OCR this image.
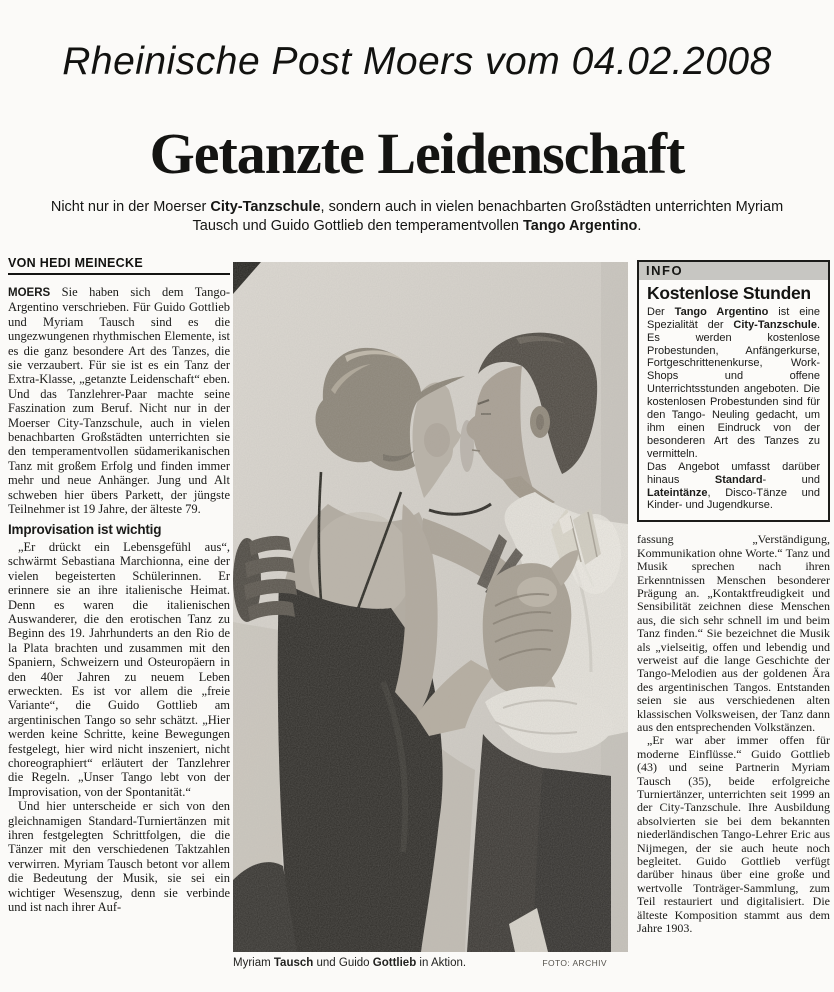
Rheinische Post Moers vom 04.02.2008
Getanzte Leidenschaft
Nicht nur in der Moerser City-Tanzschule, sondern auch in vielen benachbarten Großstädten unterrichten Myriam
Tausch und Guido Gottlieb den temperamentvollen Tango Argentino.
VON HEDI MEINECKE

MOERS Sie haben sich dem Tango-Argentino verschrieben. Für Guido Gottlieb und Myriam Tausch sind es die ungezwungenen rhythmischen Elemente, ist es die ganz besondere Art des Tanzes, die sie verzaubert. Für sie ist es ein Tanz der Extra-Klasse, „getanzte Leidenschaft“ eben. Und das Tanzlehrer-Paar machte seine Faszination zum Beruf. Nicht nur in der Moerser City-Tanzschule, auch in vielen benachbarten Großstädten unterrichten sie den temperamentvollen südamerikanischen Tanz mit großem Erfolg und finden immer mehr und neue Anhänger. Jung und Alt schweben hier übers Parkett, der jüngste Teilnehmer ist 19 Jahre, der älteste 79.

Improvisation ist wichtig

„Er drückt ein Lebensgefühl aus“, schwärmt Sebastiana Marchionna, eine der vielen begeisterten Schülerinnen. Er erinnere sie an ihre italienische Heimat. Denn es waren die italienischen Auswanderer, die den erotischen Tanz zu Beginn des 19. Jahrhunderts an den Rio de la Plata brachten und zusammen mit den Spaniern, Schweizern und Osteuropäern in den 40er Jahren zu neuem Leben erweckten. Es ist vor allem die „freie Variante“, die Guido Gottlieb am argentinischen Tango so sehr schätzt. „Hier werden keine Schritte, keine Bewegungen festgelegt, hier wird nicht inszeniert, nicht choreographiert“ erläutert der Tanzlehrer die Regeln. „Unser Tango lebt von der Improvisation, von der Spontanität.“

Und hier unterscheide er sich von den gleichnamigen Standard-Turniertänzen mit ihren festgelegten Schrittfolgen, die die Tänzer mit den verschiedenen Taktzahlen verwirren. Myriam Tausch betont vor allem die Bedeutung der Musik, sie sei ein wichtiger Wesenszug, denn sie verbinde und ist nach ihrer Auf-

Myriam Tausch und Guido Gottlieb in Aktion.	FOTO: ARCHIV
INFO
Kostenlose Stunden

Der Tango Argentino ist eine Spezialität der City-Tanzschule. Es werden kostenlose Probestunden, Anfängerkurse, Fortgeschrittenenkurse, Work-Shops und offene Unterrichtsstunden angeboten. Die kostenlosen Probestunden sind für den Tango- Neuling gedacht, um ihm einen Eindruck von der besonderen Art des Tanzes zu vermitteln.

Das Angebot umfasst darüber hinaus Standard- und Lateintänze, Disco-Tänze und Kinder- und Jugendkurse.

fassung „Verständigung, Kommunikation ohne Worte.“ Tanz und Musik sprechen nach ihren Erkenntnissen Menschen besonderer Prägung an. „Kontaktfreudigkeit und Sensibilität zeichnen diese Menschen aus, die sich sehr schnell im und beim Tanz finden.“ Sie bezeichnet die Musik als „vielseitig, offen und lebendig und verweist auf die lange Geschichte der Tango-Melodien aus der goldenen Ära des argentinischen Tangos. Entstanden seien sie aus verschiedenen alten klassischen Volksweisen, der Tanz dann aus den entsprechenden Volkstänzen.

„Er war aber immer offen für moderne Einflüsse.“ Guido Gottlieb (43) und seine Partnerin Myriam Tausch (35), beide erfolgreiche Turniertänzer, unterrichten seit 1999 an der City-Tanzschule. Ihre Ausbildung absolvierten sie bei dem bekannten niederländischen Tango-Lehrer Eric aus Nijmegen, der sie auch heute noch begleitet. Guido Gottlieb verfügt darüber hinaus über eine große und wertvolle Tonträger-Sammlung, zum Teil restauriert und digitalisiert. Die älteste Komposition stammt aus dem Jahre 1903.
